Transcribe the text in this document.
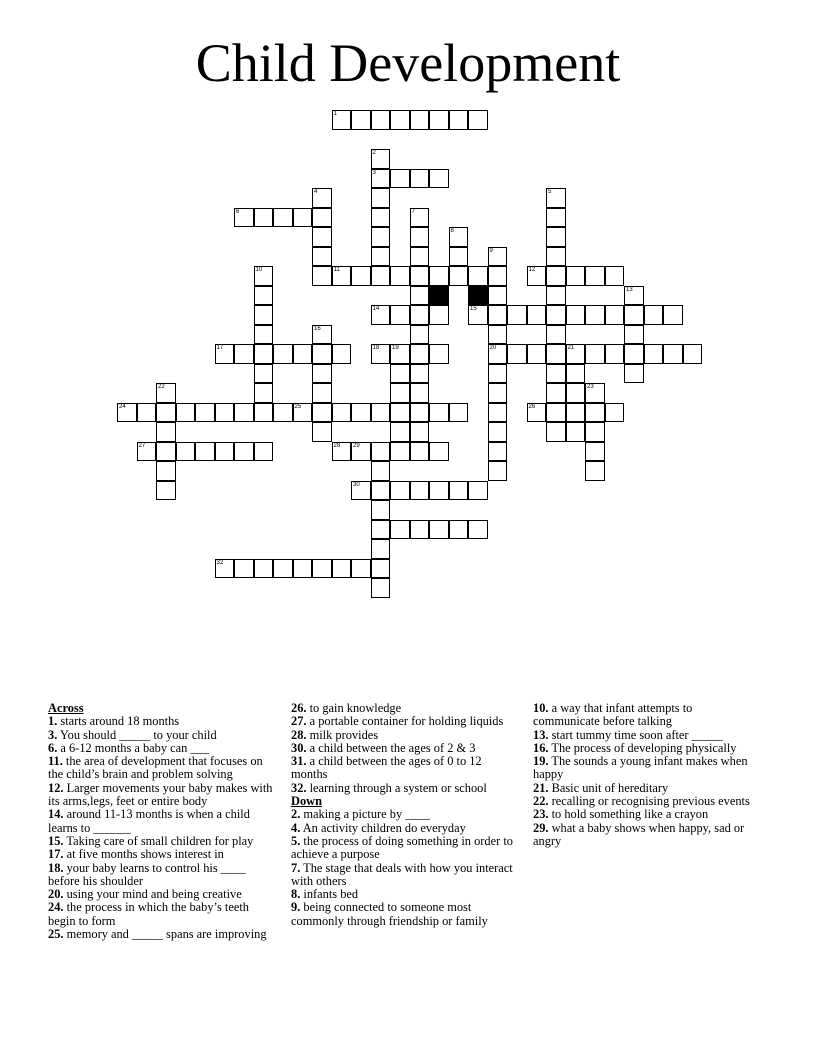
Child Development
1
2
3
4	5
6	7
8
9
10	11	12
13
14	15
16
17	18 19	20	21
22	23
24	25	26
27	28 29
30
32
Across
1. starts around 18 months
3. You should _____ to your child
6. a 6-12 months a baby can ___
11. the area of development that focuses on the child’s brain and problem solving
12. Larger movements your baby makes with its arms,legs, feet or entire body
14. around 11-13 months is when a child learns to ______
15. Taking care of small children for play
17. at five months shows interest in
18. your baby learns to control his ____ before his shoulder
20. using your mind and being creative
24. the process in which the baby’s teeth begin to form
25. memory and _____ spans are improving
26. to gain knowledge
27. a portable container for holding liquids
28. milk provides
30. a child between the ages of 2 & 3
31. a child between the ages of 0 to 12 months
32. learning through a system or school
Down
2. making a picture by ____
4. An activity children do everyday
5. the process of doing something in order to achieve a purpose
7. The stage that deals with how you interact with others
8. infants bed
9. being connected to someone most commonly through friendship or family
10. a way that infant attempts to communicate before talking
13. start tummy time soon after _____
16. The process of developing physically
19. The sounds a young infant makes when happy
21. Basic unit of hereditary
22. recalling or recognising previous events
23. to hold something like a crayon
29. what a baby shows when happy, sad or angry
